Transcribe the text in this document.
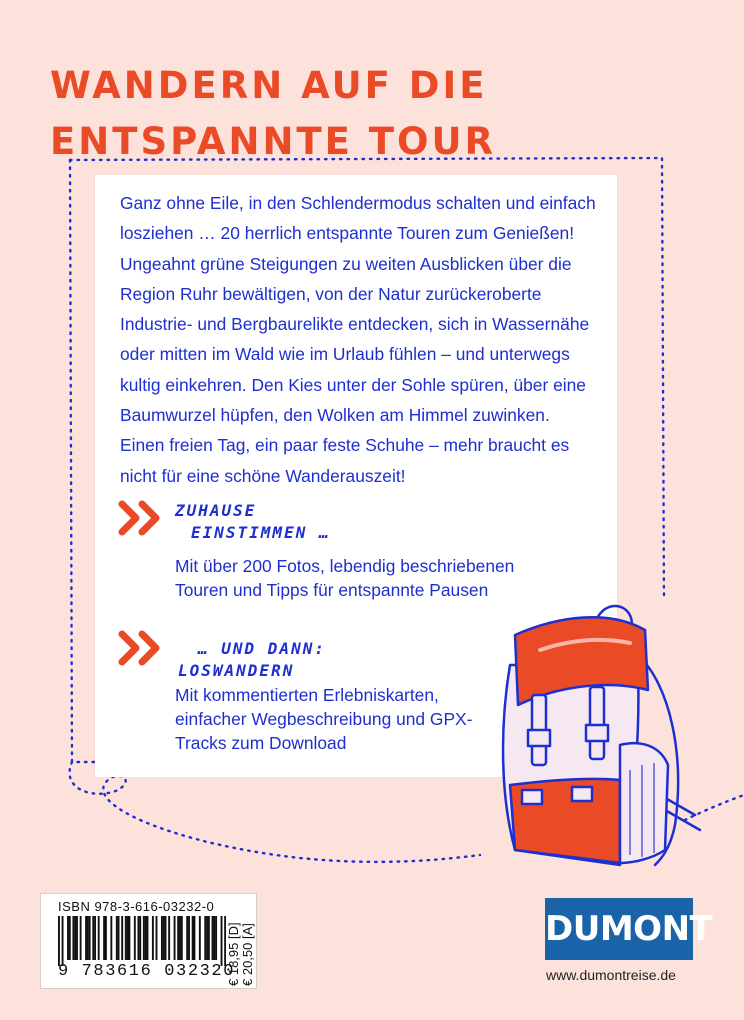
WANDERN AUF DIE
ENTSPANNTE TOUR

Ganz ohne Eile, in den Schlendermodus schalten und einfach
losziehen … 20 herrlich entspannte Touren zum Genießen!
Ungeahnt grüne Steigungen zu weiten Ausblicken über die
Region Ruhr bewältigen, von der Natur zurückeroberte
Industrie- und Bergbaurelikte entdecken, sich in Wassernähe
oder mitten im Wald wie im Urlaub fühlen – und unterwegs
kultig einkehren. Den Kies unter der Sohle spüren, über eine
Baumwurzel hüpfen, den Wolken am Himmel zuwinken.
Einen freien Tag, ein paar feste Schuhe – mehr braucht es
nicht für eine schöne Wanderauszeit!

ZUHAUSE
EINSTIMMEN …

Mit über 200 Fotos, lebendig beschriebenen
Touren und Tipps für entspannte Pausen

… UND DANN:
LOSWANDERN

Mit kommentierten Erlebniskarten,
einfacher Wegbeschreibung und GPX-
Tracks zum Download

ISBN 978-3-616-03232-0

9 783616 032320

€ 18,95 [D] € 20,50 [A]	DUMONT

www.dumontreise.de
